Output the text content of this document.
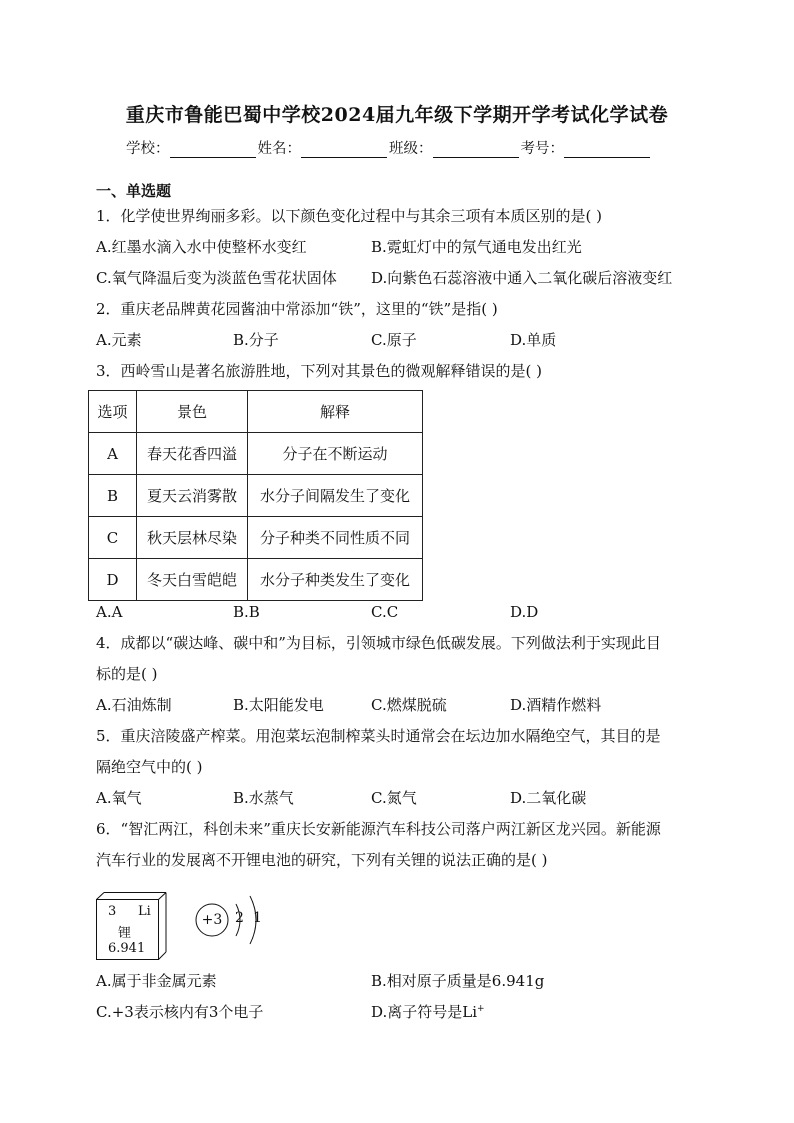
重庆市鲁能巴蜀中学校2024届九年级下学期开学考试化学试卷
学校：	姓名：	班级：	考号：
一、单选题
1．化学使世界绚丽多彩。以下颜色变化过程中与其余三项有本质区别的是( )
A.红墨水滴入水中使整杯水变红	B.霓虹灯中的氖气通电发出红光
C.氧气降温后变为淡蓝色雪花状固体 D.向紫色石蕊溶液中通入二氧化碳后溶液变红
2．重庆老品牌黄花园酱油中常添加“铁”，这里的“铁”是指( )
A.元素	B.分子	C.原子	D.单质
3．西岭雪山是著名旅游胜地，下列对其景色的微观解释错误的是( )
选项	景色	解释
A	春天花香四溢	分子在不断运动
B	夏天云消雾散	水分子间隔发生了变化
C	秋天层林尽染	分子种类不同性质不同
D	冬天白雪皑皑	水分子种类发生了变化
A.A	B.B	C.C	D.D
4．成都以“碳达峰、碳中和”为目标，引领城市绿色低碳发展。下列做法利于实现此目
标的是( )
A.石油炼制	B.太阳能发电	C.燃煤脱硫	D.酒精作燃料
5．重庆涪陵盛产榨菜。用泡菜坛泡制榨菜头时通常会在坛边加水隔绝空气，其目的是
隔绝空气中的( )
A.氧气	B.水蒸气	C.氮气	D.二氧化碳
6．“智汇两江，科创未来”重庆长安新能源汽车科技公司落户两江新区龙兴园。新能源
汽车行业的发展离不开锂电池的研究，下列有关锂的说法正确的是( )
3 Li
锂
6.941
+3 2 1
A.属于非金属元素	B.相对原子质量是6.941g
C.+3表示核内有3个电子	D.离子符号是Li+
